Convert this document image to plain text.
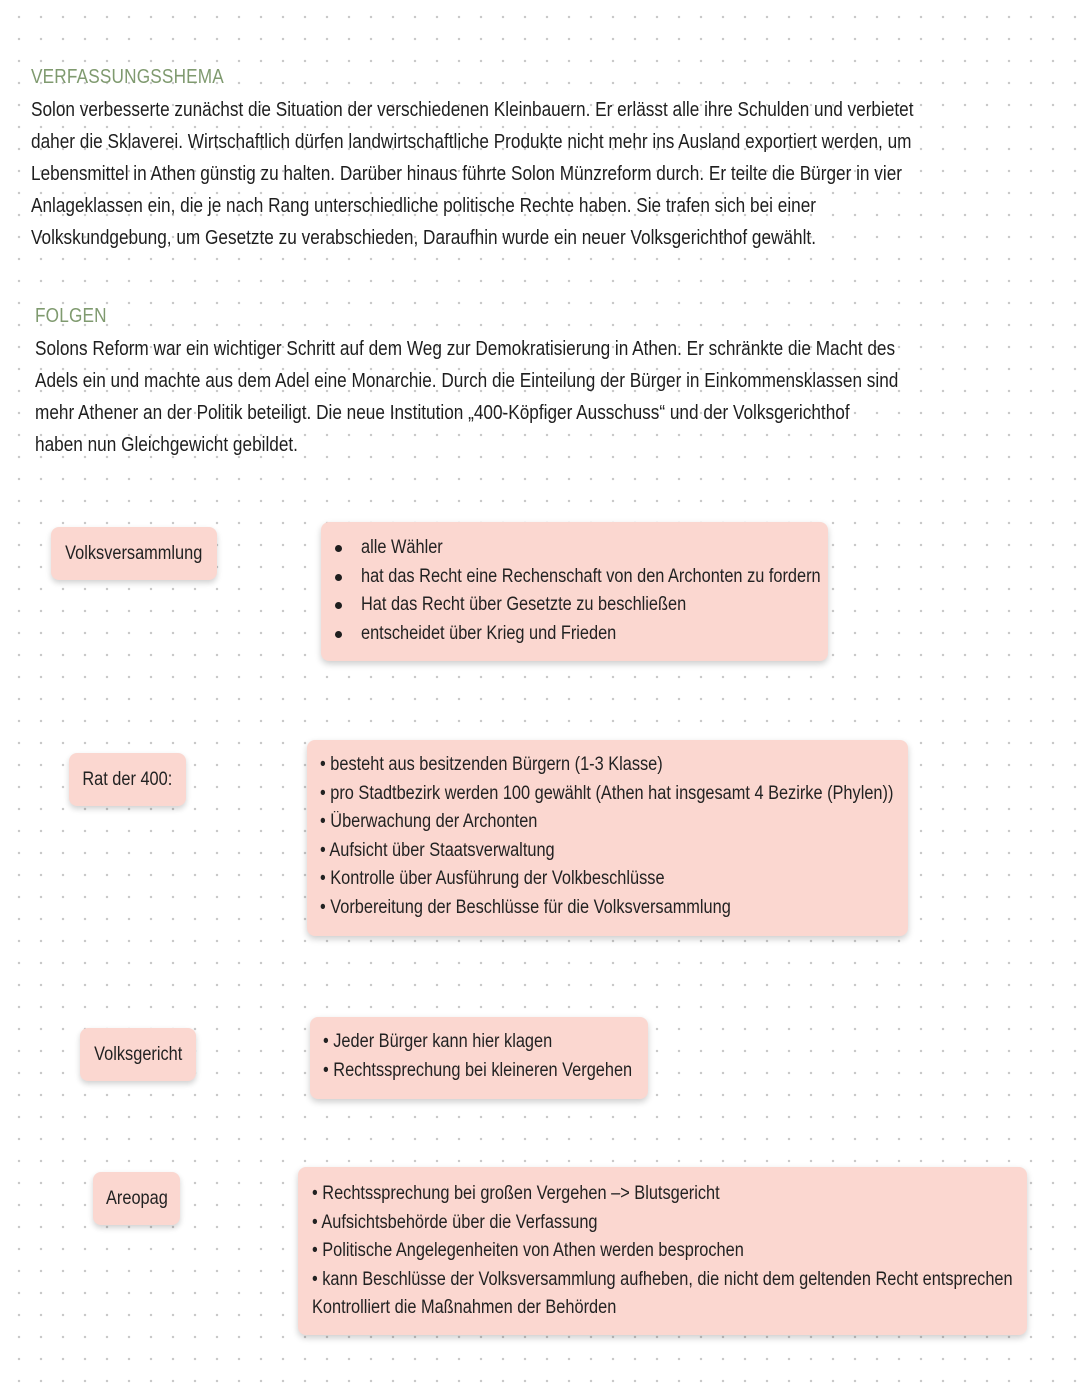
VERFASSUNGSSHEMA
Solon verbesserte zunächst die Situation der verschiedenen Kleinbauern. Er erlässt alle ihre Schulden und verbietet
daher die Sklaverei. Wirtschaftlich dürfen landwirtschaftliche Produkte nicht mehr ins Ausland exportiert werden, um
Lebensmittel in Athen günstig zu halten. Darüber hinaus führte Solon Münzreform durch. Er teilte die Bürger in vier
Anlageklassen ein, die je nach Rang unterschiedliche politische Rechte haben. Sie trafen sich bei einer
Volkskundgebung, um Gesetzte zu verabschieden, Daraufhin wurde ein neuer Volksgerichthof gewählt.
FOLGEN
Solons Reform war ein wichtiger Schritt auf dem Weg zur Demokratisierung in Athen. Er schränkte die Macht des
Adels ein und machte aus dem Adel eine Monarchie. Durch die Einteilung der Bürger in Einkommensklassen sind
mehr Athener an der Politik beteiligt. Die neue Institution „400-Köpfiger Ausschuss“ und der Volksgerichthof
haben nun Gleichgewicht gebildet.
Volksversammlung	alle Wähler
hat das Recht eine Rechenschaft von den Archonten zu fordern
Hat das Recht über Gesetzte zu beschließen
entscheidet über Krieg und Frieden
Rat der 400:
• besteht aus besitzenden Bürgern (1-3 Klasse)
• pro Stadtbezirk werden 100 gewählt (Athen hat insgesamt 4 Bezirke (Phylen))
• Überwachung der Archonten
• Aufsicht über Staatsverwaltung
• Kontrolle über Ausführung der Volkbeschlüsse
• Vorbereitung der Beschlüsse für die Volksversammlung
Volksgericht
• Jeder Bürger kann hier klagen
• Rechtssprechung bei kleineren Vergehen
Areopag
•	Rechtssprechung bei großen Vergehen –> Blutsgericht
• Aufsichtsbehörde über die Verfassung
• Politische Angelegenheiten von Athen werden besprochen
• kann Beschlüsse der Volksversammlung aufheben, die nicht dem geltenden Recht entsprechen
Kontrolliert die Maßnahmen der Behörden
